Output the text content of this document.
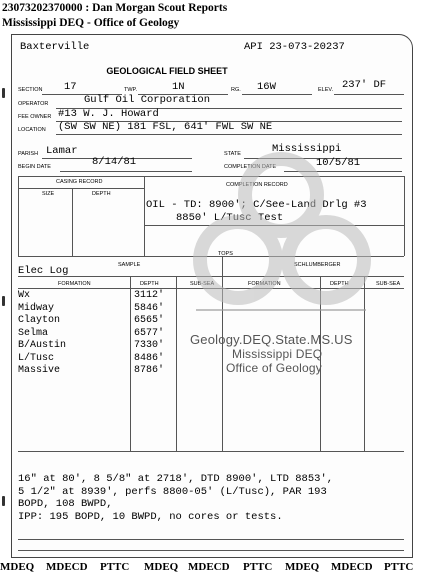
23073202370000 : Dan Morgan Scout Reports
Mississippi DEQ - Office of Geology
Baxterville	API 23-073-20237
GEOLOGICAL FIELD SHEET
SECTION 17	TWP.	1N	RG. 16W	ELEV. 237' DF
OPERATOR	Gulf Oil Corporation
FEE OWNER #13 W. J. Howard
LOCATION (SW SW NE) 181 FSL, 641' FWL SW NE
PARISH Lamar	STATE	Mississippi
BEGIN DATE	8/14/81	COMPLETION DATE	10/5/81
CASING RECORD
SIZE	DEPTH
COMPLETION RECORD
OIL - TD: 8900'; C/See-Land Drlg #3
8850' L/Tusc Test
TOPS
SAMPLE	SCHLUMBERGER
Elec Log
FORMATION	DEPTH	SUB-SEA	FORMATION	DEPTH	SUB-SEA
Wx	3112'
Midway	5846'
Clayton	6565'
Selma	6577'
B/Austin	7330'
L/Tusc	8486'
Massive	8786'
16" at 80', 8 5/8" at 2718', DTD 8900', LTD 8853',
5 1/2" at 8939', perfs 8800-05' (L/Tusc), PAR 193
BOPD, 108 BWPD,
IPP: 195 BOPD, 10 BWPD, no cores or tests.
Geology.DEQ.State.MS.US
Mississippi DEQ
Office of Geology
MDEQ MDECD PTTC MDEQ MDECD PTTC MDEQ MDECD PTTC
